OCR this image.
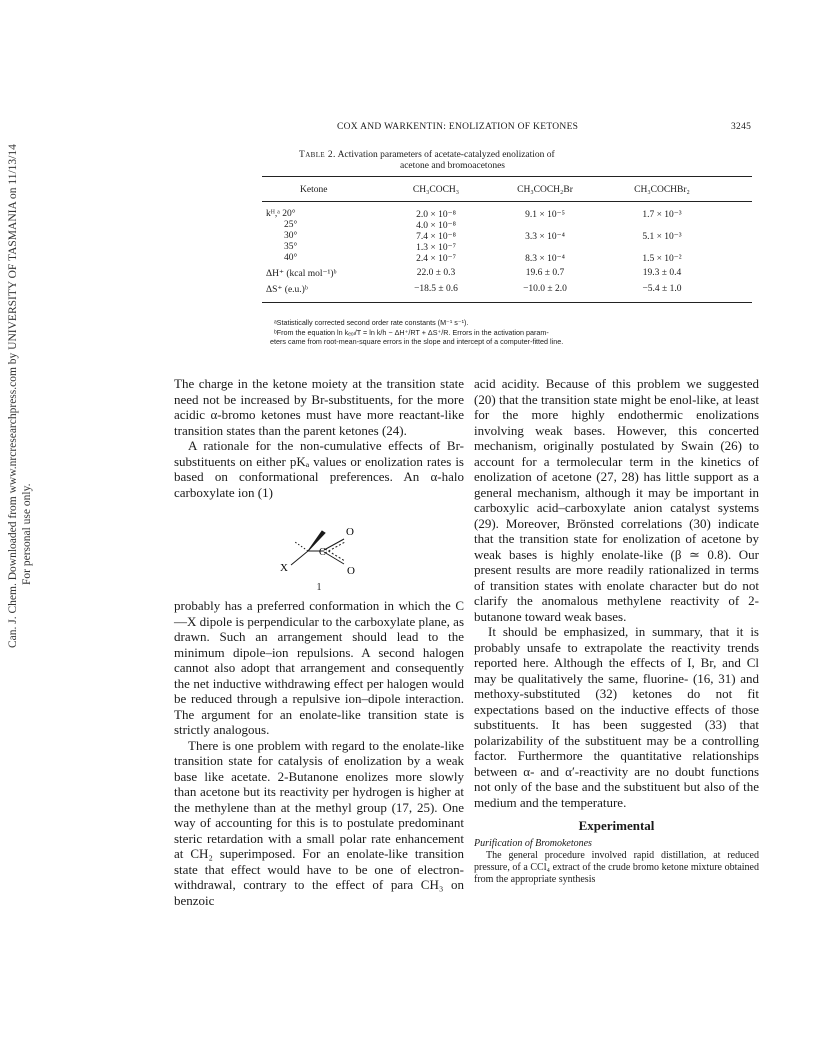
Can. J. Chem. Downloaded from www.nrcresearchpress.com by UNIVERSITY OF TASMANIA on 11/13/14 For personal use only.
COX AND WARKENTIN: ENOLIZATION OF KETONES	3245
Table 2. Activation parameters of acetate-catalyzed enolization of
acetone and bromoacetones
Ketone	CH₃COCH₃	CH₃COCH₂Br	CH₃COCHBr₂
kᴴ,ᵃ 20°	2.0 × 10⁻⁸	9.1 × 10⁻⁵	1.7 × 10⁻³
25°	4.0 × 10⁻⁸
30°	7.4 × 10⁻⁸	3.3 × 10⁻⁴	5.1 × 10⁻³
35°	1.3 × 10⁻⁷
40°	2.4 × 10⁻⁷	8.3 × 10⁻⁴	1.5 × 10⁻²
ΔH⁺ (kcal mol⁻¹)ᵇ	22.0 ± 0.3	19.6 ± 0.7	19.3 ± 0.4
ΔS⁺ (e.u.)ᵇ	−18.5 ± 0.6	−10.0 ± 2.0	−5.4 ± 1.0
ᵃStatistically corrected second order rate constants (M⁻¹ s⁻¹).
ᵇFrom the equation ln kₑₒₗ/T = ln k/h − ΔH⁺/RT + ΔS⁺/R. Errors in the activation param-
eters came from root-mean-square errors in the slope and intercept of a computer-fitted line.

The charge in the ketone moiety at the transition state need not be increased by Br-substituents, for the more acidic α-bromo ketones must have more reactant-like transition states than the parent ketones (24).

A rationale for the non-cumulative effects of Br-substituents on either pKₐ values or enolization rates is based on conformational preferences. An α-halo carboxylate ion (1)

O
O
X
C
1

probably has a preferred conformation in which the C—X dipole is perpendicular to the carboxylate plane, as drawn. Such an arrangement should lead to the minimum dipole–ion repulsions. A second halogen cannot also adopt that arrangement and consequently the net inductive withdrawing effect per halogen would be reduced through a repulsive ion–dipole interaction. The argument for an enolate-like transition state is strictly analogous.

There is one problem with regard to the enolate-like transition state for catalysis of enolization by a weak base like acetate. 2-Butanone enolizes more slowly than acetone but its reactivity per hydrogen is higher at the methylene than at the methyl group (17, 25). One way of accounting for this is to postulate predominant steric retardation with a small polar rate enhancement at CH₂ superimposed. For an enolate-like transition state that effect would have to be one of electron-withdrawal, contrary to the effect of para CH₃ on benzoic

acid acidity. Because of this problem we suggested (20) that the transition state might be enol-like, at least for the more highly endothermic enolizations involving weak bases. However, this concerted mechanism, originally postulated by Swain (26) to account for a termolecular term in the kinetics of enolization of acetone (27, 28) has little support as a general mechanism, although it may be important in carboxylic acid–carboxylate anion catalyst systems (29). Moreover, Brönsted correlations (30) indicate that the transition state for enolization of acetone by weak bases is highly enolate-like (β ≃ 0.8). Our present results are more readily rationalized in terms of transition states with enolate character but do not clarify the anomalous methylene reactivity of 2-butanone toward weak bases.

It should be emphasized, in summary, that it is probably unsafe to extrapolate the reactivity trends reported here. Although the effects of I, Br, and Cl may be qualitatively the same, fluorine- (16, 31) and methoxy-substituted (32) ketones do not fit expectations based on the inductive effects of those substituents. It has been suggested (33) that polarizability of the substituent may be a controlling factor. Furthermore the quantitative relationships between α- and α′-reactivity are no doubt functions not only of the base and the substituent but also of the medium and the temperature.

Experimental
Purification of Bromoketones

The general procedure involved rapid distillation, at reduced pressure, of a CCl₄ extract of the crude bromo ketone mixture obtained from the appropriate synthesis
